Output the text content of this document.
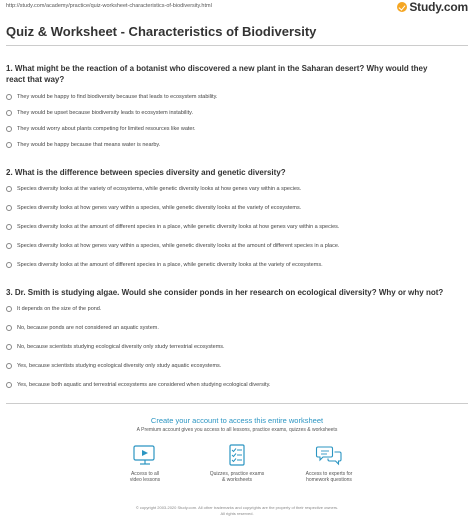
http://study.com/academy/practice/quiz-worksheet-characteristics-of-biodiversity.html	Study.com
Quiz & Worksheet - Characteristics of Biodiversity
1. What might be the reaction of a botanist who discovered a new plant in the Saharan desert? Why would they
react that way?
They would be happy to find biodiversity because that leads to ecosystem stability.
They would be upset because biodiversity leads to ecosystem instability.
They would worry about plants competing for limited resources like water.
They would be happy because that means water is nearby.
2. What is the difference between species diversity and genetic diversity?
Species diversity looks at the variety of ecosystems, while genetic diversity looks at how genes vary within a species.
Species diversity looks at how genes vary within a species, while genetic diversity looks at the variety of ecosystems.
Species diversity looks at the amount of different species in a place, while genetic diversity looks at how genes vary within a species.
Species diversity looks at how genes vary within a species, while genetic diversity looks at the amount of different species in a place.
Species diversity looks at the amount of different species in a place, while genetic diversity looks at the variety of ecosystems.
3. Dr. Smith is studying algae. Would she consider ponds in her research on ecological diversity? Why or why not?
It depends on the size of the pond.
No, because ponds are not considered an aquatic system.
No, because scientists studying ecological diversity only study terrestrial ecosystems.
Yes, because scientists studying ecological diversity only study aquatic ecosystems.
Yes, because both aquatic and terrestrial ecosystems are considered when studying ecological diversity.
Create your account to access this entire worksheet
A Premium account gives you access to all lessons, practice exams, quizzes & worksheets
Access to all
video lessons
Quizzes, practice exams
& worksheets
Access to experts for
homework questions
© copyright 2003-2020 Study.com. All other trademarks and copyrights are the property of their respective owners.
All rights reserved.
